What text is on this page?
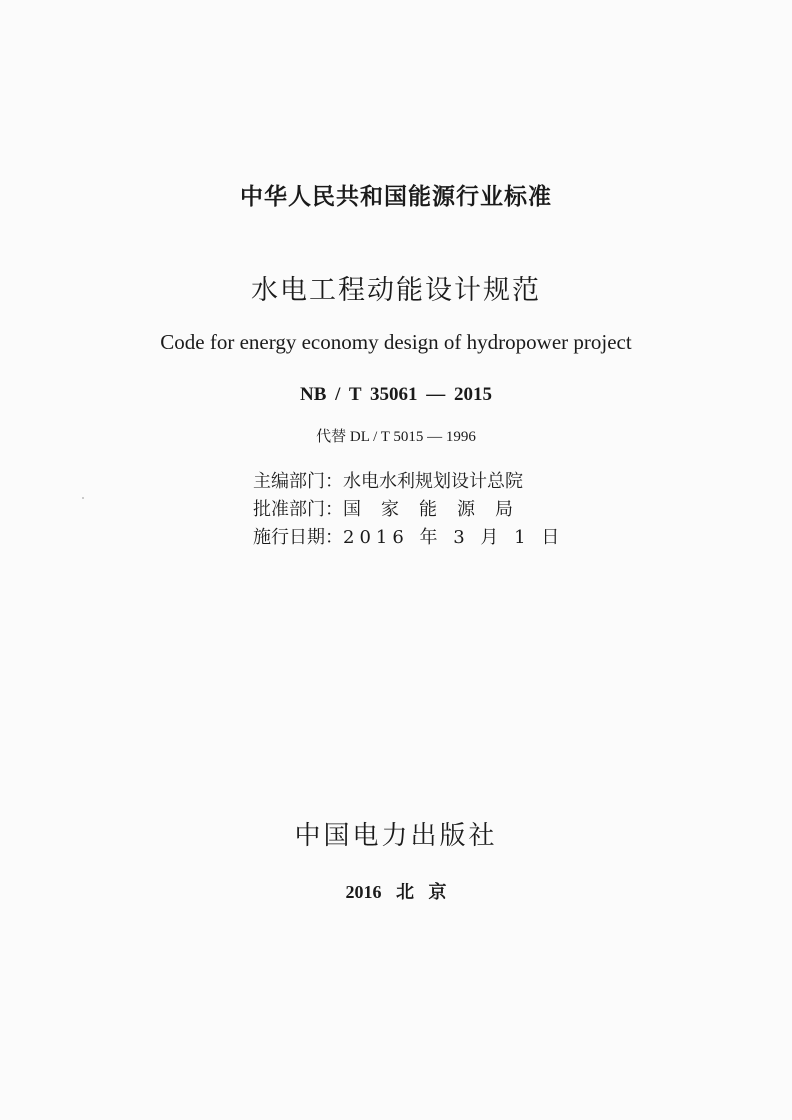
中华人民共和国能源行业标准
水电工程动能设计规范
Code for energy economy design of hydropower project
NB / T 35061 — 2015
代替 DL / T 5015 — 1996
主编部门：水电水利规划设计总院
批准部门：国家能源局
施行日期：2016 年 3 月 1 日
中国电力出版社
2016 北 京
